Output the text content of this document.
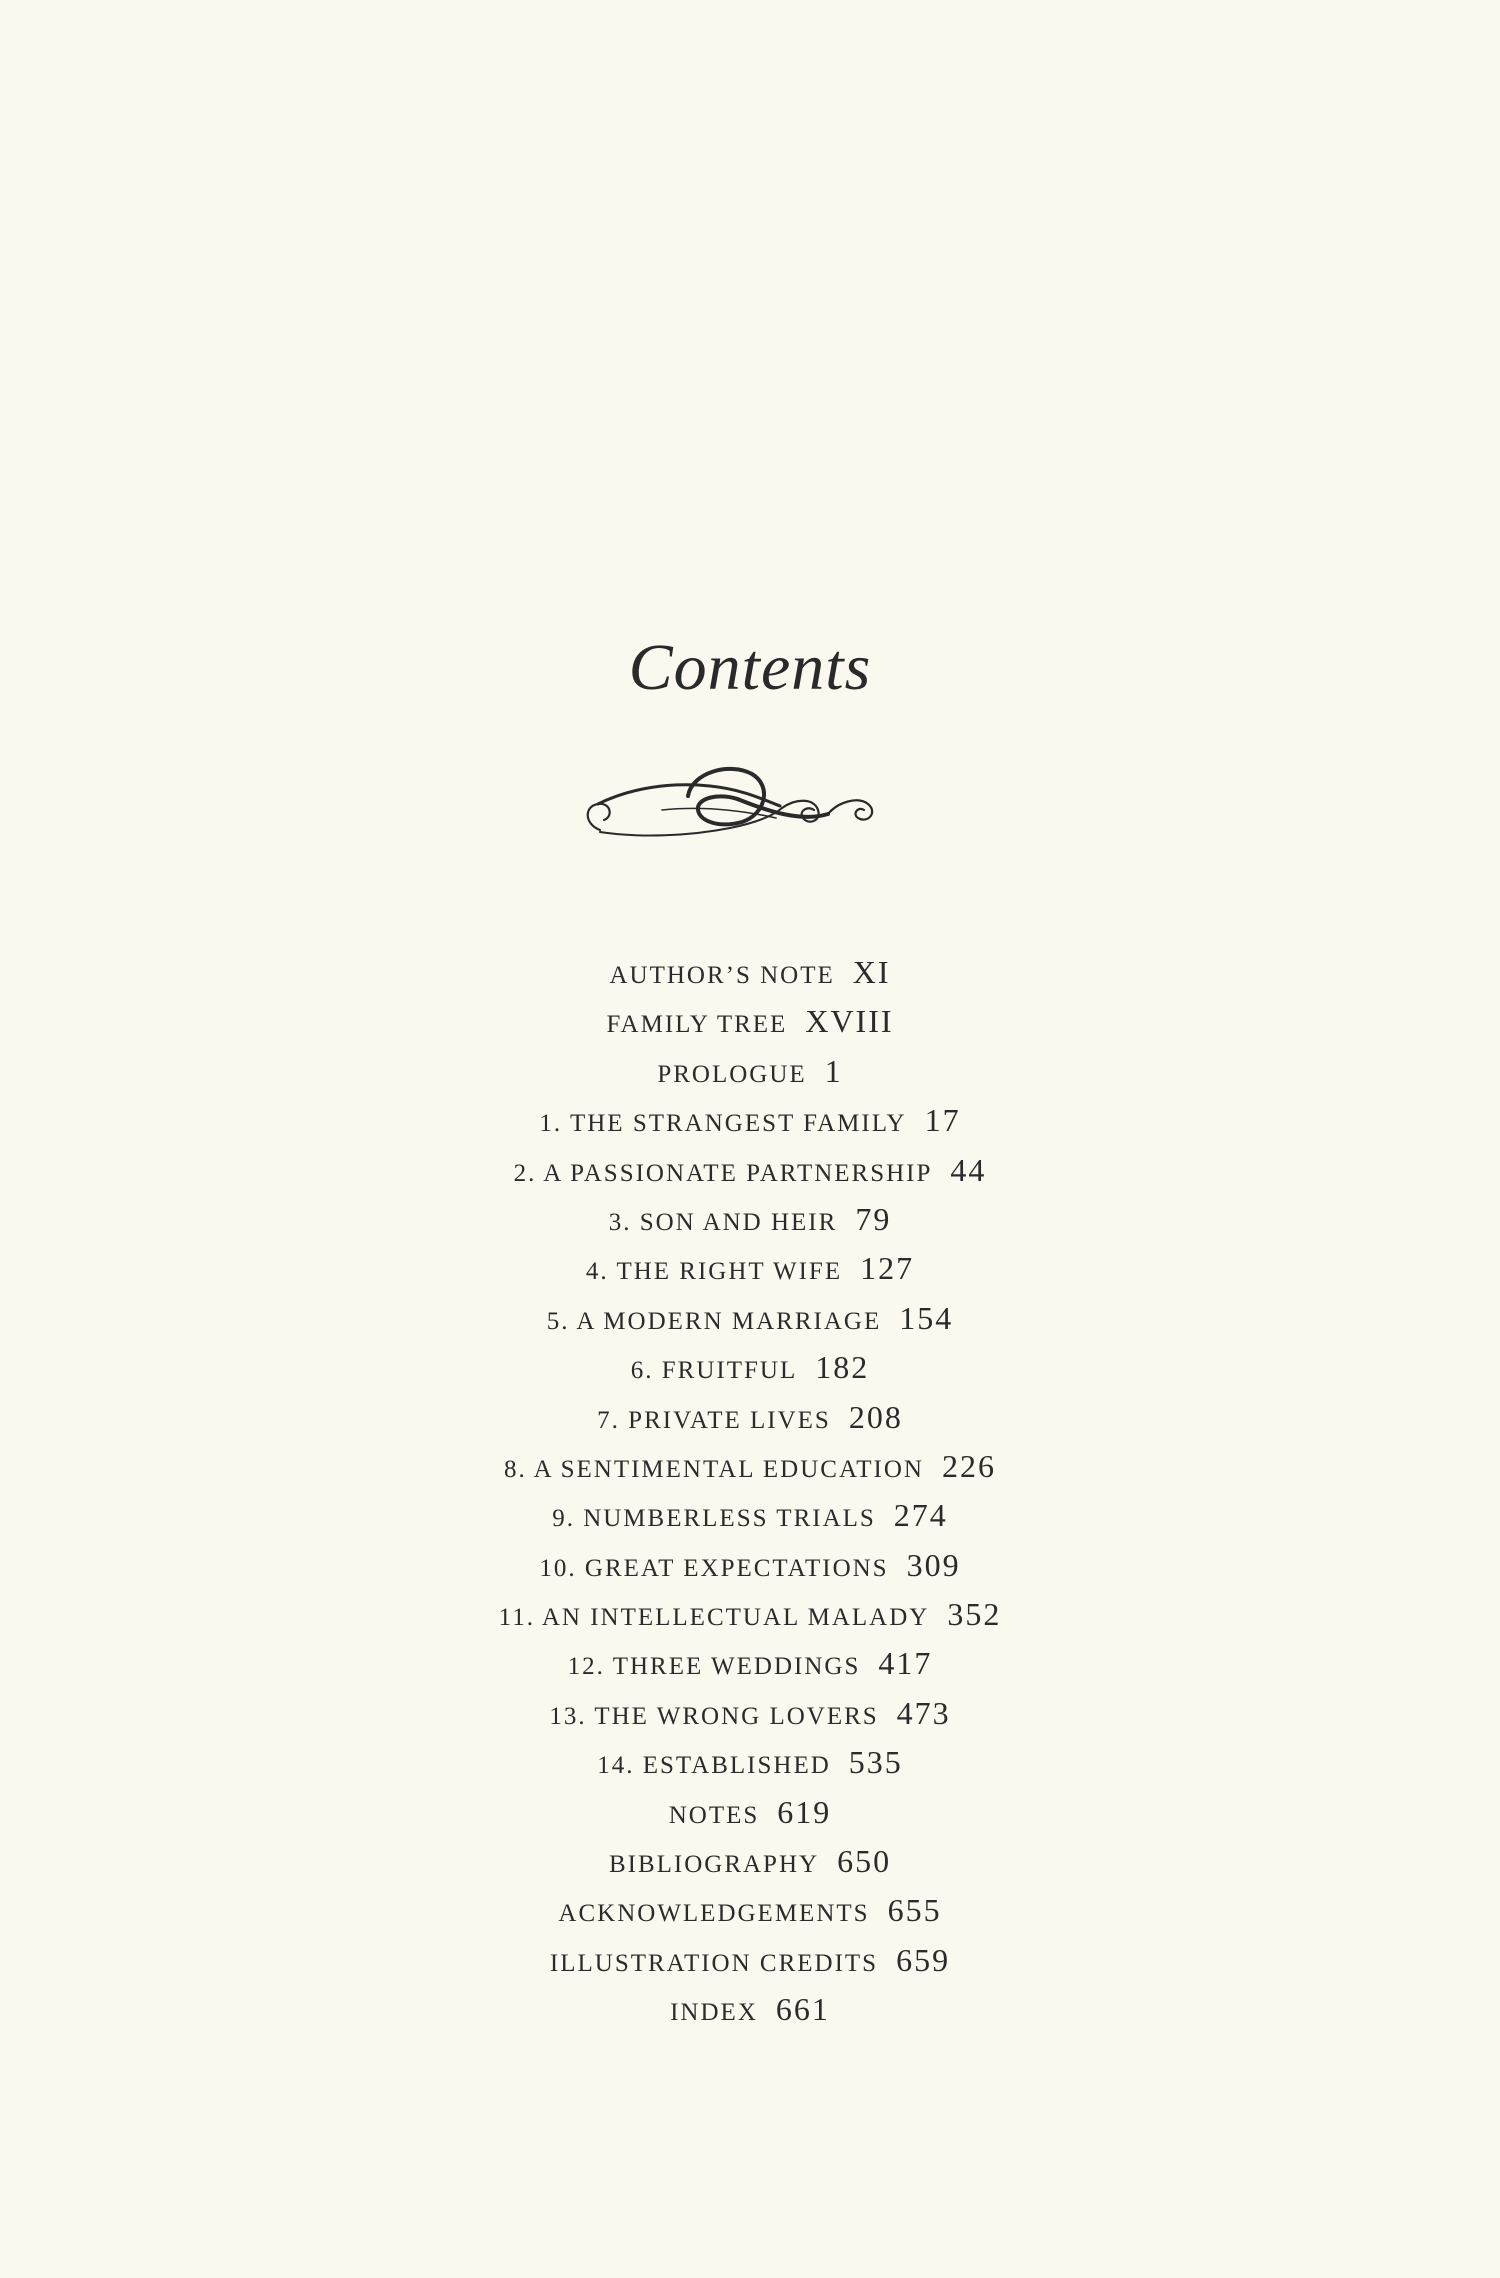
Contents
AUTHOR’S NOTE XI
FAMILY TREE XVIII
PROLOGUE 1
1. THE STRANGEST FAMILY 17
2. A PASSIONATE PARTNERSHIP 44
3. SON AND HEIR 79
4. THE RIGHT WIFE 127
5. A MODERN MARRIAGE 154
6. FRUITFUL 182
7. PRIVATE LIVES 208
8. A SENTIMENTAL EDUCATION 226
9. NUMBERLESS TRIALS 274
10. GREAT EXPECTATIONS 309
11. AN INTELLECTUAL MALADY 352
12. THREE WEDDINGS 417
13. THE WRONG LOVERS 473
14. ESTABLISHED 535
NOTES 619
BIBLIOGRAPHY 650
ACKNOWLEDGEMENTS 655
ILLUSTRATION CREDITS 659
INDEX 661
